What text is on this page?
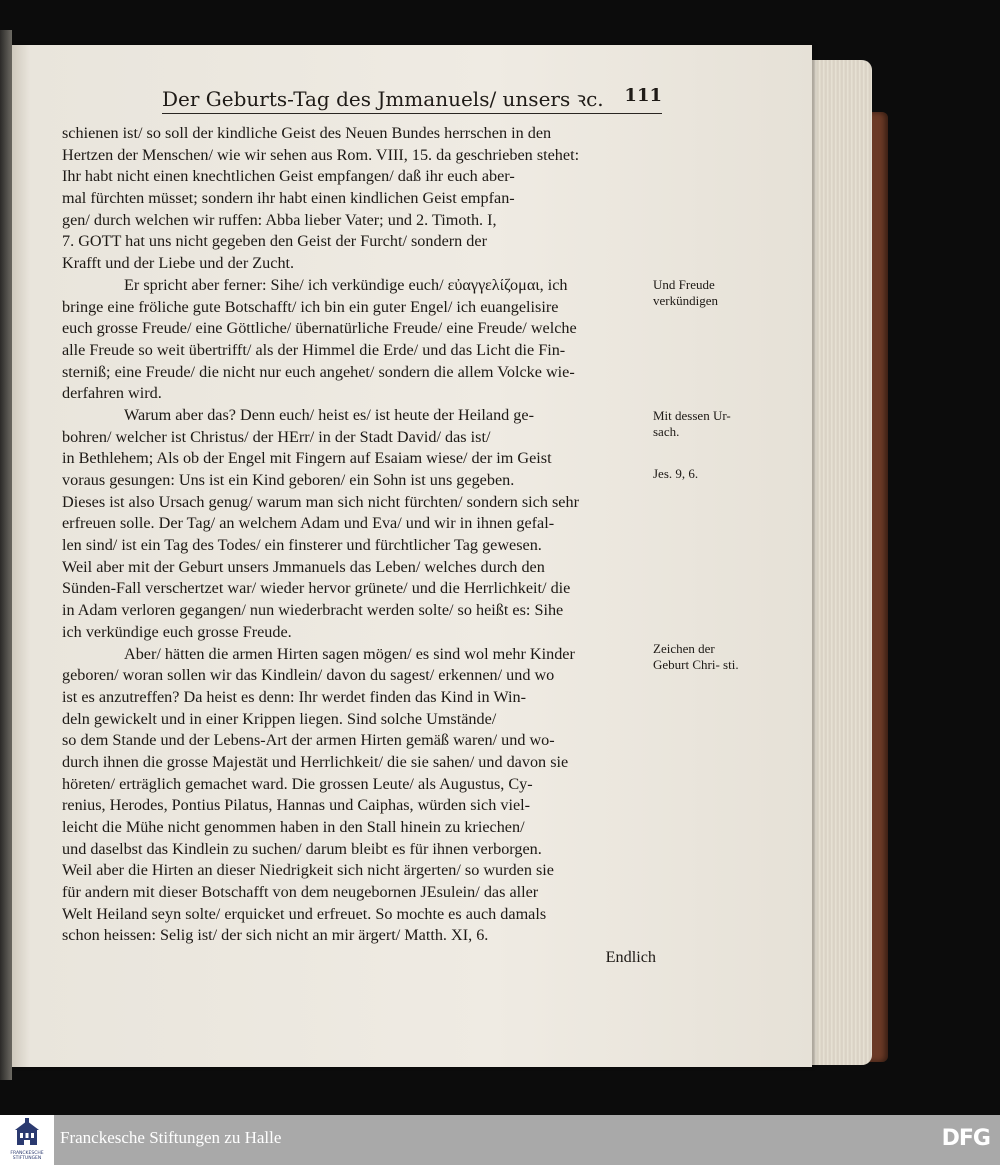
Der Geburts-Tag des Jmmanuels/ unsers ꝛc. 111
schienen ist/ so soll der kindliche Geist des Neuen Bundes herrschen in den
Hertzen der Menschen/ wie wir sehen aus Rom. VIII, 15. da geschrieben stehet:
Ihr habt nicht einen knechtlichen Geist empfangen/ daß ihr euch aber-
mal fürchten müsset; sondern ihr habt einen kindlichen Geist empfan-
gen/ durch welchen wir ruffen: Abba lieber Vater; und 2. Timoth. I,
7. GOTT hat uns nicht gegeben den Geist der Furcht/ sondern der
Krafft und der Liebe und der Zucht.
Er spricht aber ferner: Sihe/ ich verkündige euch/ εὐαγγελίζομαι, ich
bringe eine fröliche gute Botschafft/ ich bin ein guter Engel/ ich euangelisire
euch grosse Freude/ eine Göttliche/ übernatürliche Freude/ eine Freude/ welche
alle Freude so weit übertrifft/ als der Himmel die Erde/ und das Licht die Fin-
sterniß; eine Freude/ die nicht nur euch angehet/ sondern die allem Volcke wie-
derfahren wird.
Warum aber das? Denn euch/ heist es/ ist heute der Heiland ge-
bohren/ welcher ist Christus/ der HErr/ in der Stadt David/ das ist/
in Bethlehem; Als ob der Engel mit Fingern auf Esaiam wiese/ der im Geist
voraus gesungen: Uns ist ein Kind geboren/ ein Sohn ist uns gegeben.
Dieses ist also Ursach genug/ warum man sich nicht fürchten/ sondern sich sehr
erfreuen solle. Der Tag/ an welchem Adam und Eva/ und wir in ihnen gefal-
len sind/ ist ein Tag des Todes/ ein finsterer und fürchtlicher Tag gewesen.
Weil aber mit der Geburt unsers Jmmanuels das Leben/ welches durch den
Sünden-Fall verschertzet war/ wieder hervor grünete/ und die Herrlichkeit/ die
in Adam verloren gegangen/ nun wiederbracht werden solte/ so heißt es: Sihe
ich verkündige euch grosse Freude.
Aber/ hätten die armen Hirten sagen mögen/ es sind wol mehr Kinder
geboren/ woran sollen wir das Kindlein/ davon du sagest/ erkennen/ und wo
ist es anzutreffen? Da heist es denn: Ihr werdet finden das Kind in Win-
deln gewickelt und in einer Krippen liegen. Sind solche Umstände/
so dem Stande und der Lebens-Art der armen Hirten gemäß waren/ und wo-
durch ihnen die grosse Majestät und Herrlichkeit/ die sie sahen/ und davon sie
höreten/ erträglich gemachet ward. Die grossen Leute/ als Augustus, Cy-
renius, Herodes, Pontius Pilatus, Hannas und Caiphas, würden sich viel-
leicht die Mühe nicht genommen haben in den Stall hinein zu kriechen/
und daselbst das Kindlein zu suchen/ darum bleibt es für ihnen verborgen.
Weil aber die Hirten an dieser Niedrigkeit sich nicht ärgerten/ so wurden sie
für andern mit dieser Botschafft von dem neugebornen JEsulein/ das aller
Welt Heiland seyn solte/ erquicket und erfreuet. So mochte es auch damals
schon heissen: Selig ist/ der sich nicht an mir ärgert/ Matth. XI, 6.
Endlich
Und Freude verkündigen
Mit dessen Ur- sach.
Jes. 9, 6.
Zeichen der Geburt Chri- sti.
FRANCKESCHE STIFTUNGEN
Franckesche Stiftungen zu Halle	DFG
